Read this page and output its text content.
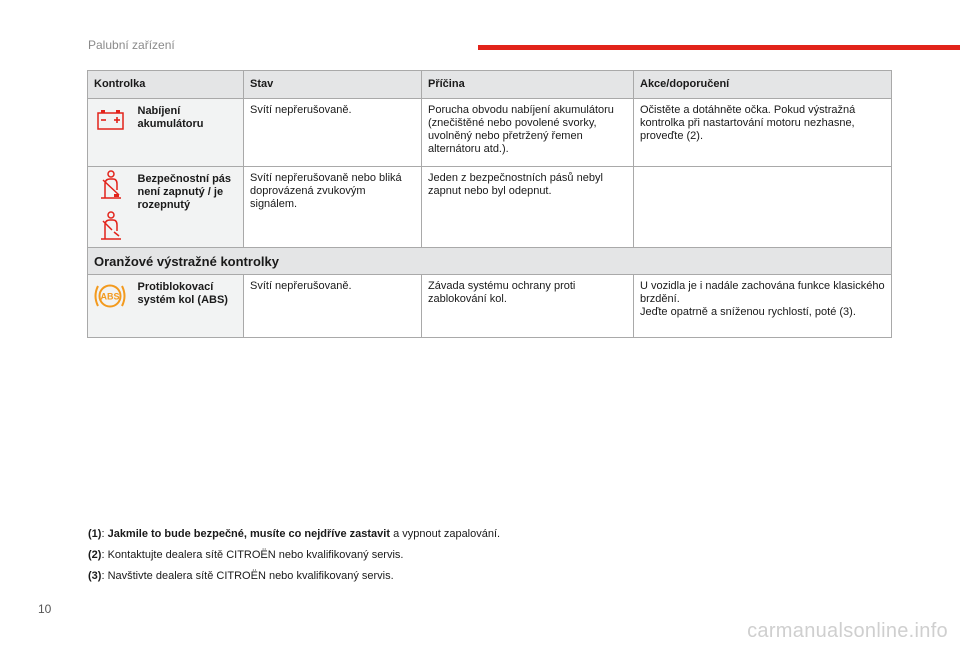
Palubní zařízení
Kontrolka		Stav	Příčina	Akce/doporučení

	Nabíjení akumulátoru	Svítí nepřerušovaně.	Porucha obvodu nabíjení akumulátoru (znečištěné nebo povolené svorky, uvolněný nebo přetržený řemen alternátoru atd.).	Očistěte a dotáhněte očka. Pokud výstražná kontrolka při nastartování motoru nezhasne, proveďte (2).

	Bezpečnostní pás není zapnutý / je rozepnutý	Svítí nepřerušovaně nebo bliká doprovázená zvukovým signálem.	Jeden z bezpečnostních pásů nebyl zapnut nebo byl odepnut.	
Oranžové výstražné kontrolky				

ABS	Protiblokovací systém kol (ABS)	Svítí nepřerušovaně.	Závada systému ochrany proti zablokování kol.	U vozidla je i nadále zachována funkce klasického brzdění.
Jeďte opatrně a sníženou rychlostí, poté (3).

(1): Jakmile to bude bezpečné, musíte co nejdříve zastavit a vypnout zapalování.

(2): Kontaktujte dealera sítě CITROËN nebo kvalifikovaný servis.

(3): Navštivte dealera sítě CITROËN nebo kvalifikovaný servis.

10
carmanualsonline.info
